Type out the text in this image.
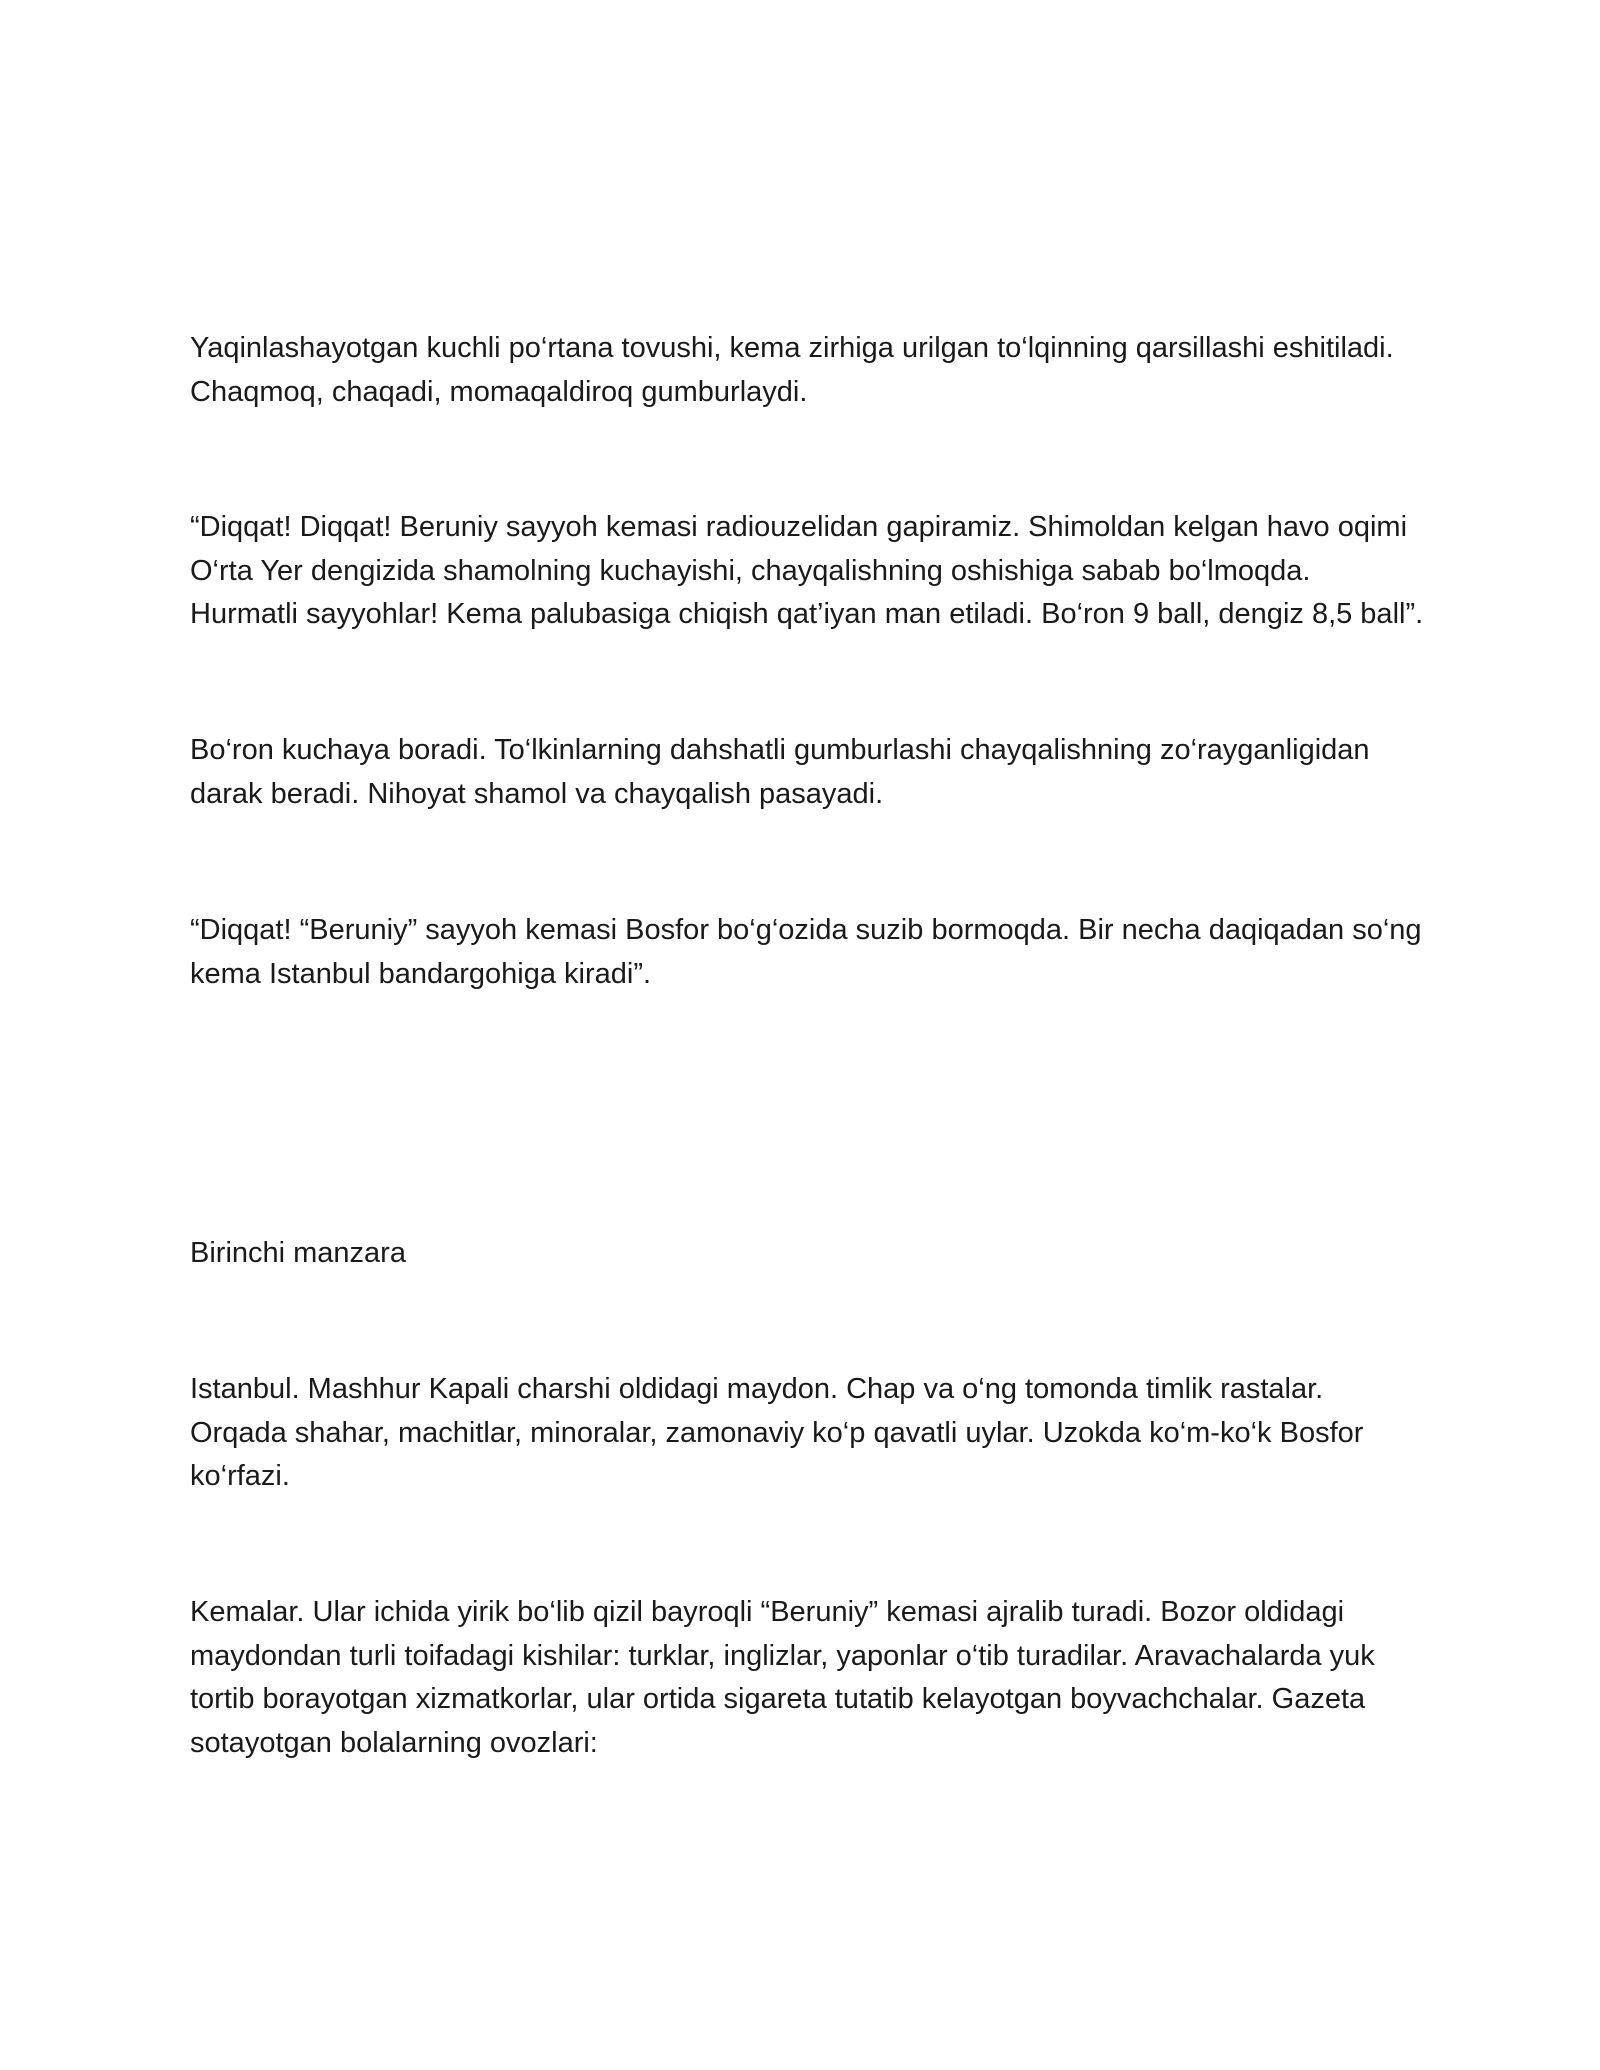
Yaqinlashayotgan kuchli po‘rtana tovushi, kema zirhiga urilgan to‘lqinning qarsillashi eshitiladi.
Chaqmoq, chaqadi, momaqaldiroq gumburlaydi.

“Diqqat! Diqqat! Beruniy sayyoh kemasi radiouzelidan gapiramiz. Shimoldan kelgan havo oqimi
O‘rta Yer dengizida shamolning kuchayishi, chayqalishning oshishiga sabab bo‘lmoqda.
Hurmatli sayyohlar! Kema palubasiga chiqish qat’iyan man etiladi. Bo‘ron 9 ball, dengiz 8,5 ball”.

Bo‘ron kuchaya boradi. To‘lkinlarning dahshatli gumburlashi chayqalishning zo‘rayganligidan
darak beradi. Nihoyat shamol va chayqalish pasayadi.

“Diqqat! “Beruniy” sayyoh kemasi Bosfor bo‘g‘ozida suzib bormoqda. Bir necha daqiqadan so‘ng
kema Istanbul bandargohiga kiradi”.

Birinchi manzara

Istanbul. Mashhur Kapali charshi oldidagi maydon. Chap va o‘ng tomonda timlik rastalar.
Orqada shahar, machitlar, minoralar, zamonaviy ko‘p qavatli uylar. Uzokda ko‘m-ko‘k Bosfor
ko‘rfazi.

Kemalar. Ular ichida yirik bo‘lib qizil bayroqli “Beruniy” kemasi ajralib turadi. Bozor oldidagi
maydondan turli toifadagi kishilar: turklar, inglizlar, yaponlar o‘tib turadilar. Aravachalarda yuk
tortib borayotgan xizmatkorlar, ular ortida sigareta tutatib kelayotgan boyvachchalar. Gazeta
sotayotgan bolalarning ovozlari:
